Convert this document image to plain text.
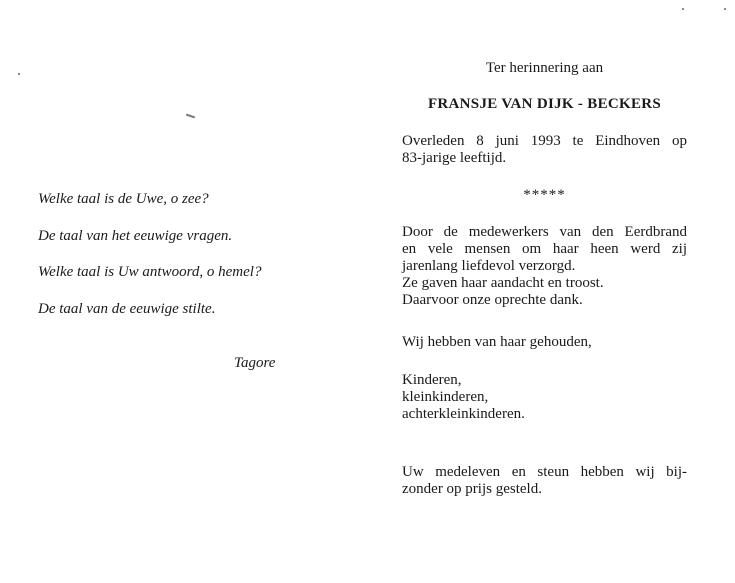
Welke taal is de Uwe, o zee?
De taal van het eeuwige vragen.
Welke taal is Uw antwoord, o hemel?
De taal van de eeuwige stilte.
Tagore
Ter herinnering aan
FRANSJE VAN DIJK - BECKERS
Overleden 8 juni 1993 te Eindhoven op
83-jarige leeftijd.
*****
Door de medewerkers van den Eerdbrand
en vele mensen om haar heen werd zij
jarenlang liefdevol verzorgd.
Ze gaven haar aandacht en troost.
Daarvoor onze oprechte dank.
Wij hebben van haar gehouden,
Kinderen,
kleinkinderen,
achterkleinkinderen.
Uw medeleven en steun hebben wij bij-
zonder op prijs gesteld.
